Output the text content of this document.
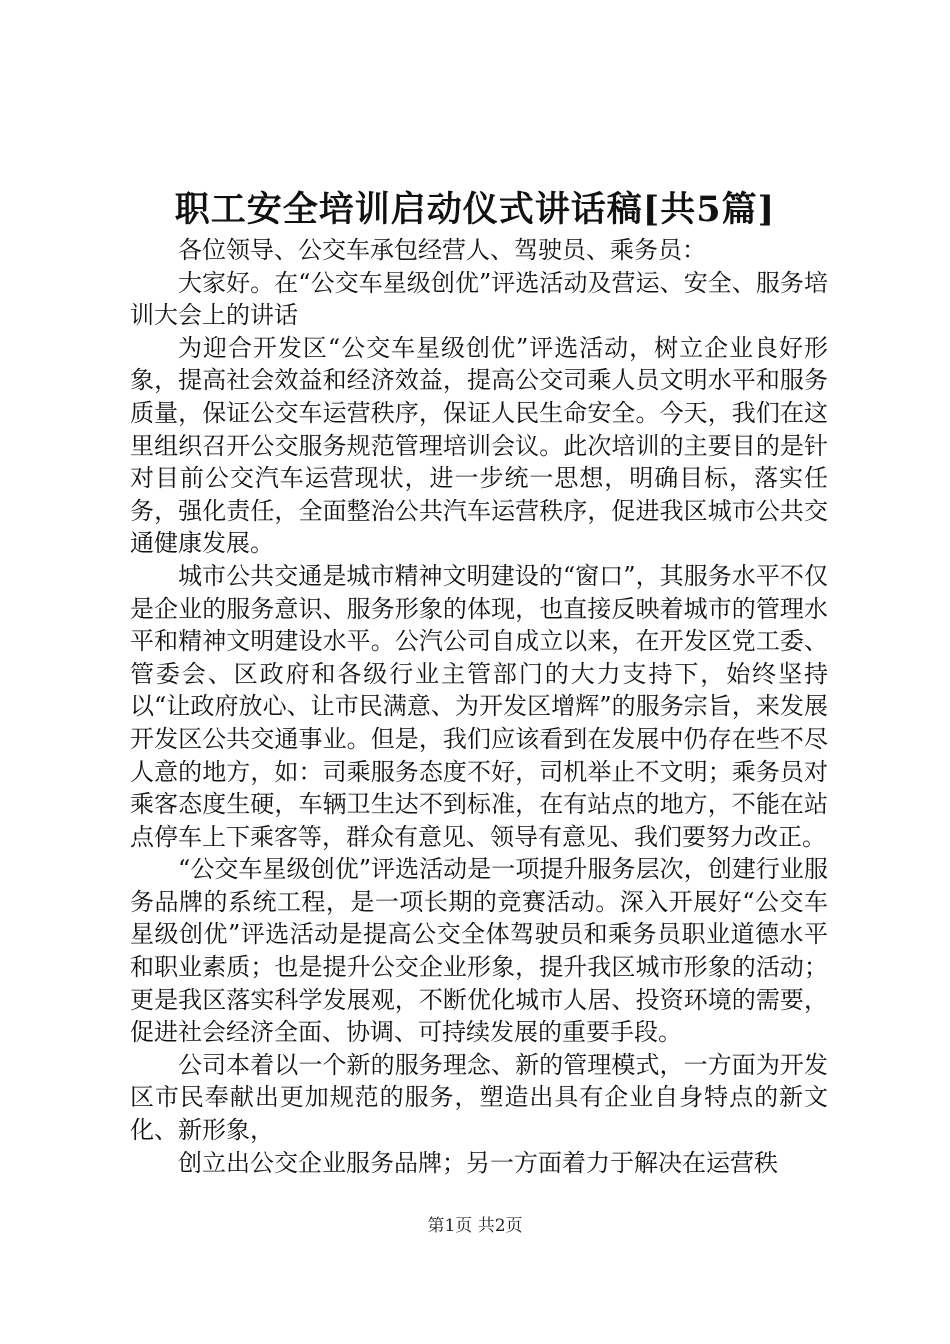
职工安全培训启动仪式讲话稿[共5篇]

各位领导、公交车承包经营人、驾驶员、乘务员：

大家好。在“公交车星级创优”评选活动及营运、安全、服务培训大会上的讲话

为迎合开发区“公交车星级创优”评选活动，树立企业良好形象，提高社会效益和经济效益，提高公交司乘人员文明水平和服务质量，保证公交车运营秩序，保证人民生命安全。今天，我们在这里组织召开公交服务规范管理培训会议。此次培训的主要目的是针对目前公交汽车运营现状，进一步统一思想，明确目标，落实任务，强化责任，全面整治公共汽车运营秩序，促进我区城市公共交通健康发展。

城市公共交通是城市精神文明建设的“窗口”，其服务水平不仅是企业的服务意识、服务形象的体现，也直接反映着城市的管理水平和精神文明建设水平。公汽公司自成立以来，在开发区党工委、管委会、区政府和各级行业主管部门的大力支持下，始终坚持以“让政府放心、让市民满意、为开发区增辉”的服务宗旨，来发展开发区公共交通事业。但是，我们应该看到在发展中仍存在些不尽人意的地方，如：司乘服务态度不好，司机举止不文明；乘务员对乘客态度生硬，车辆卫生达不到标准，在有站点的地方，不能在站点停车上下乘客等，群众有意见、领导有意见、我们要努力改正。

“公交车星级创优”评选活动是一项提升服务层次，创建行业服务品牌的系统工程，是一项长期的竞赛活动。深入开展好“公交车星级创优”评选活动是提高公交全体驾驶员和乘务员职业道德水平和职业素质；也是提升公交企业形象，提升我区城市形象的活动；更是我区落实科学发展观，不断优化城市人居、投资环境的需要，促进社会经济全面、协调、可持续发展的重要手段。

公司本着以一个新的服务理念、新的管理模式，一方面为开发区市民奉献出更加规范的服务，塑造出具有企业自身特点的新文化、新形象，

创立出公交企业服务品牌；另一方面着力于解决在运营秩

第1页 共2页
